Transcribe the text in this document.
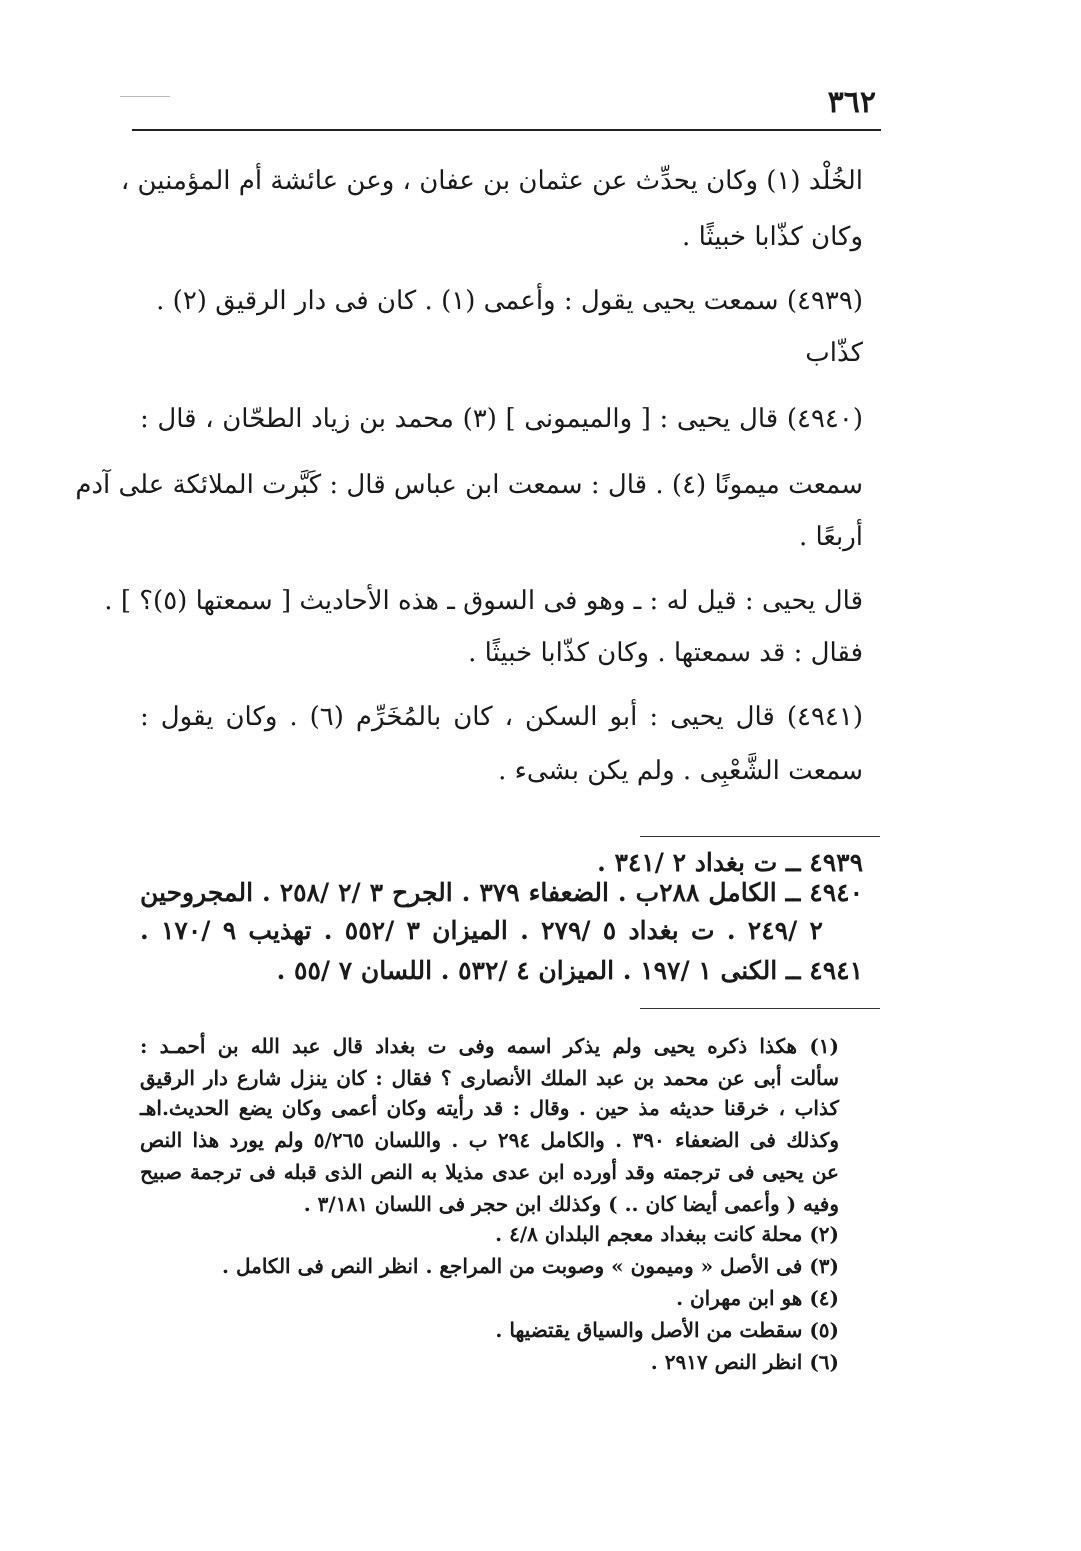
٣٦٢
الخُلْد (١) وكان يحدِّث عن عثمان بن عفان ، وعن عائشة أم المؤمنين ،
وكان كذّابا خبيثًا .
(٤٩٣٩) سمعت يحيى يقول : وأعمى (١) . كان فى دار الرقيق (٢) .
كذّاب
(٤٩٤٠) قال يحيى : [ والميمونى ] (٣) محمد بن زياد الطحّان ، قال :
سمعت ميمونًا (٤) . قال : سمعت ابن عباس قال : كَبَّرت الملائكة على آدم
أربعًا .
قال يحيى : قيل له : ـ وهو فى السوق ـ هذه الأحاديث [ سمعتها (٥)؟ ] .
فقال : قد سمعتها . وكان كذّابا خبيثًا .
(٤٩٤١) قال يحيى : أبو السكن ، كان بالمُخَرِّم (٦) . وكان يقول :
سمعت الشَّعْبِى . ولم يكن بشىء .
٤٩٣٩ ــ ت بغداد ٢ /٣٤١ .
٤٩٤٠ ــ الكامل ٢٨٨ب . الضعفاء ٣٧٩ . الجرح ٣ /٢ /٢٥٨ . المجروحين
٢ /٢٤٩ . ت بغداد ٥ /٢٧٩ . الميزان ٣ /٥٥٢ . تهذيب ٩ /١٧٠ .
٤٩٤١ ــ الكنى ١ /١٩٧ . الميزان ٤ /٥٣٢ . اللسان ٧ /٥٥ .
(١) هكذا ذكره يحيى ولم يذكر اسمه وفى ت بغداد قال عبد الله بن أحمـد :
سألت أبى عن محمد بن عبد الملك الأنصارى ؟ فقال : كان ينزل شارع دار الرقيق
كذاب ، خرقنا حديثه مذ حين . وقال : قد رأيته وكان أعمى وكان يضع الحديث.اهـ
وكذلك فى الضعفاء ٣٩٠ . والكامل ٢٩٤ ب . واللسان ٥/٢٦٥ ولم يورد هذا النص
عن يحيى فى ترجمته وقد أورده ابن عدى مذيلا به النص الذى قبله فى ترجمة صبيح
وفيه ( وأعمى أيضا كان .. ) وكذلك ابن حجر فى اللسان ٣/١٨١ .
(٢) محلة كانت ببغداد معجم البلدان ٤/٨ .
(٣) فى الأصل « وميمون » وصوبت من المراجع . انظر النص فى الكامل .
(٤) هو ابن مهران .
(٥) سقطت من الأصل والسياق يقتضيها .
(٦) انظر النص ٢٩١٧ .
